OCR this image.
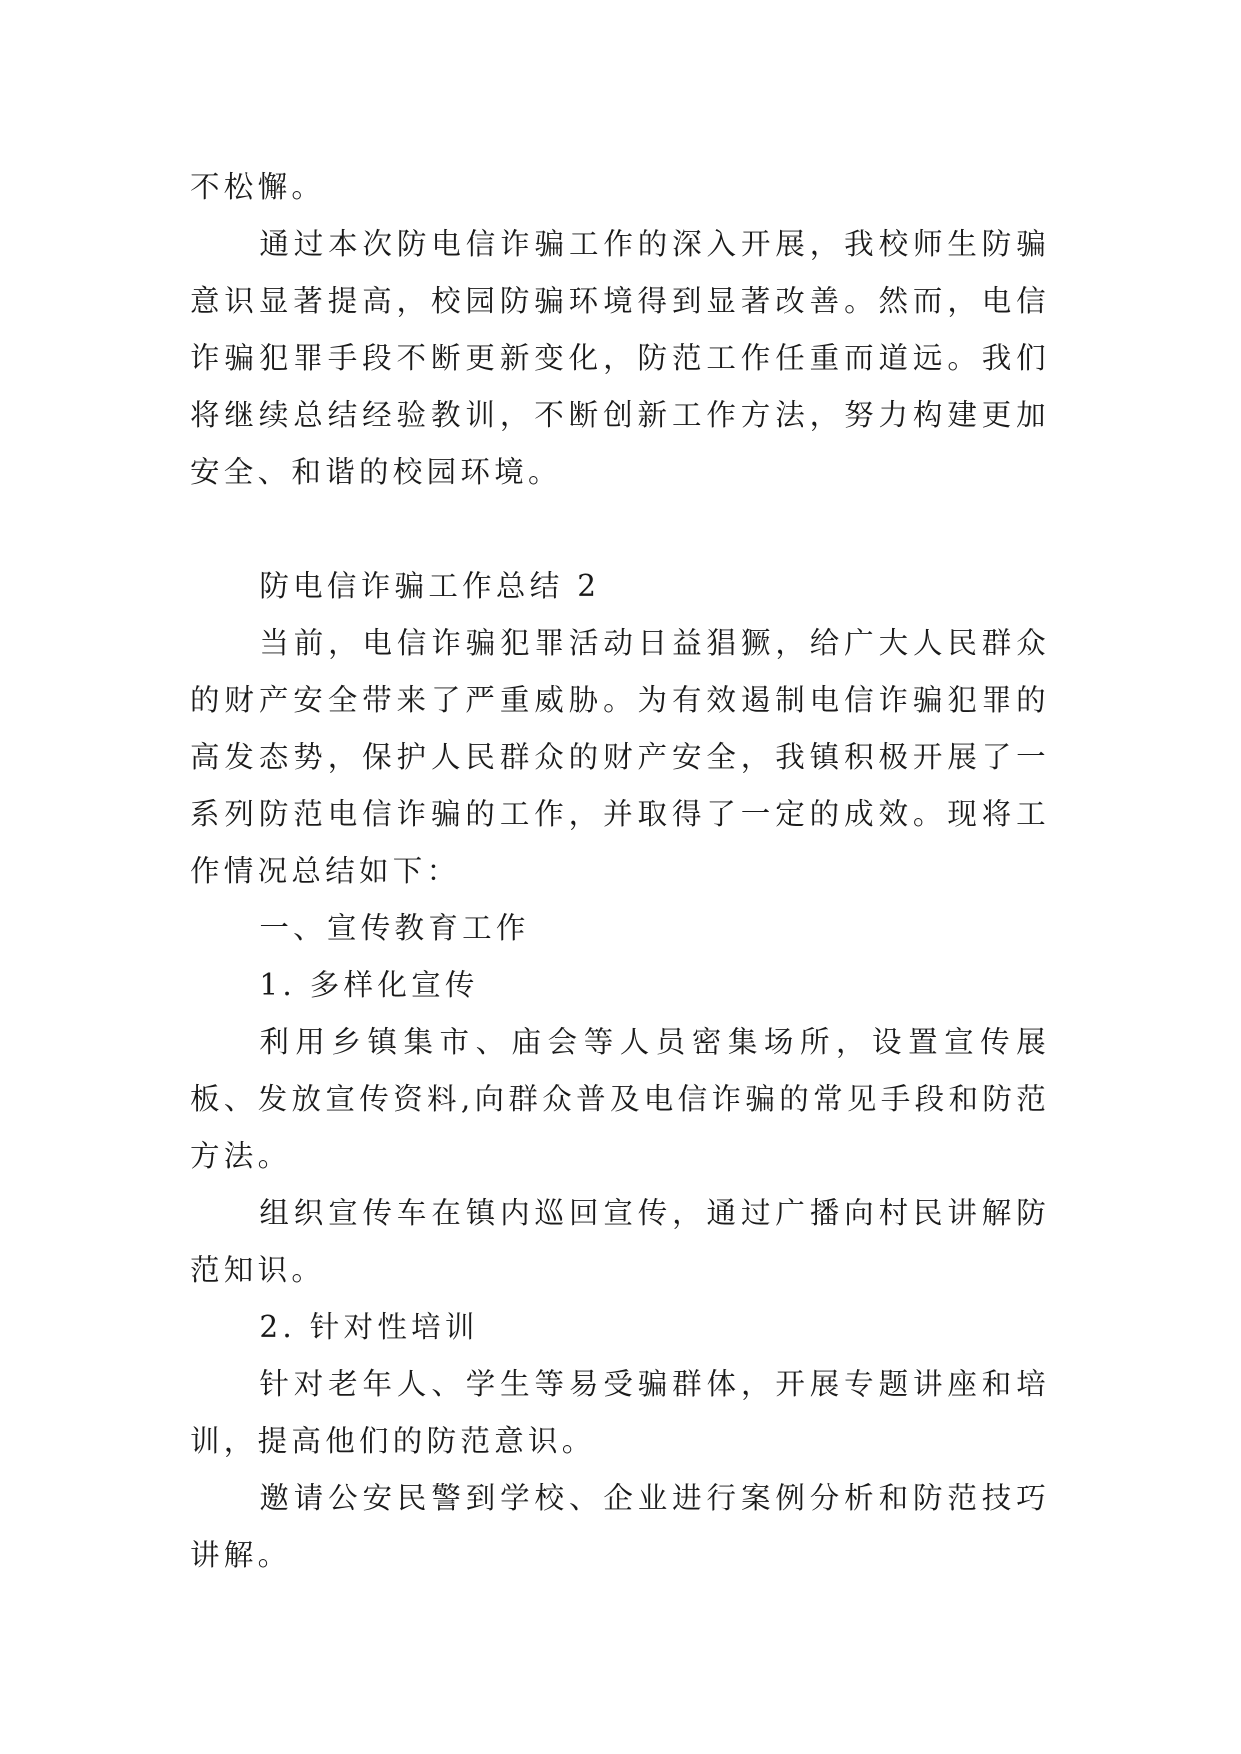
不松懈。

通过本次防电信诈骗工作的深入开展，我校师生防骗意识显著提高，校园防骗环境得到显著改善。然而，电信诈骗犯罪手段不断更新变化，防范工作任重而道远。我们将继续总结经验教训，不断创新工作方法，努力构建更加安全、和谐的校园环境。

防电信诈骗工作总结 2

当前，电信诈骗犯罪活动日益猖獗，给广大人民群众的财产安全带来了严重威胁。为有效遏制电信诈骗犯罪的高发态势，保护人民群众的财产安全，我镇积极开展了一系列防范电信诈骗的工作，并取得了一定的成效。现将工作情况总结如下：

一、宣传教育工作

1. 多样化宣传

利用乡镇集市、庙会等人员密集场所，设置宣传展板、发放宣传资料,向群众普及电信诈骗的常见手段和防范方法。

组织宣传车在镇内巡回宣传，通过广播向村民讲解防范知识。

2. 针对性培训

针对老年人、学生等易受骗群体，开展专题讲座和培训，提高他们的防范意识。

邀请公安民警到学校、企业进行案例分析和防范技巧讲解。
